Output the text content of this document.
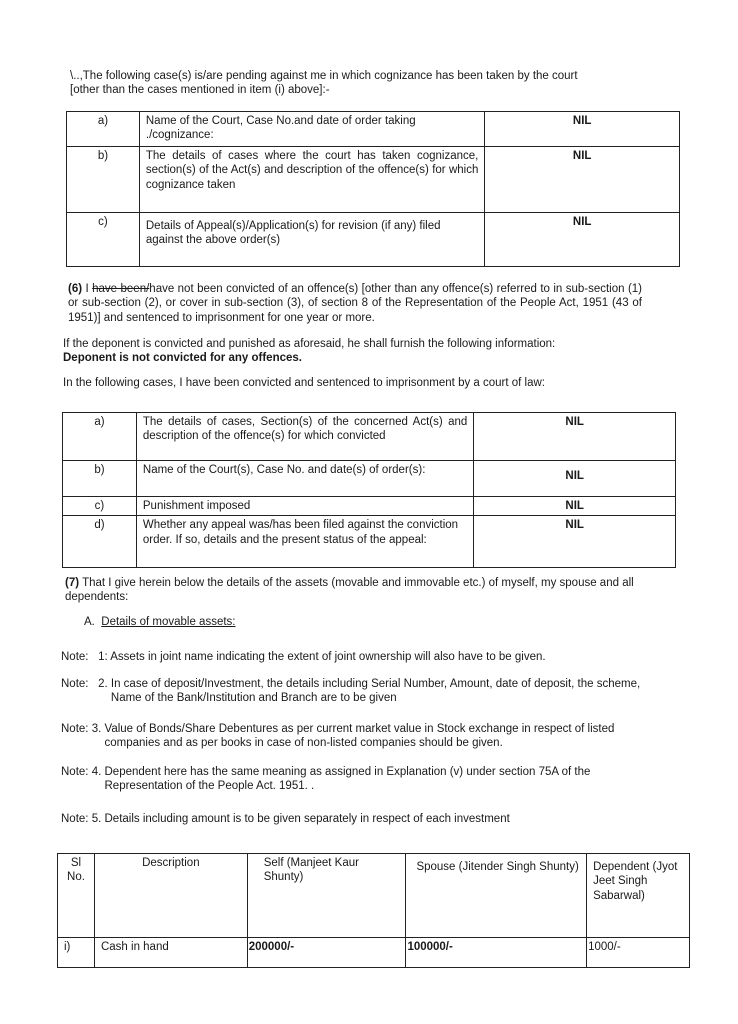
\..,The following case(s) is/are pending against me in which cognizance has been taken by the court
[other than the cases mentioned in item (i) above]:-
a)	Name of the Court, Case No.and date of order taking ./cognizance:	NIL
b)	The details of cases where the court has taken cognizance, section(s) of the Act(s) and description of the offence(s) for which cognizance taken	NIL
c)	Details of Appeal(s)/Application(s) for revision (if any) filed against the above order(s)	NIL
(6) I have been/have not been convicted of an offence(s) [other than any offence(s) referred to in sub-section (1) or sub-section (2), or cover in sub-section (3), of section 8 of the Representation of the People Act, 1951 (43 of 1951)] and sentenced to imprisonment for one year or more.
If the deponent is convicted and punished as aforesaid, he shall furnish the following information:
Deponent is not convicted for any offences.
In the following cases, I have been convicted and sentenced to imprisonment by a court of law:
a)	The details of cases, Section(s) of the concerned Act(s) and description of the offence(s) for which convicted	NIL
b)	Name of the Court(s), Case No. and date(s) of order(s):	NIL
c)	Punishment imposed	NIL
d)	Whether any appeal was/has been filed against the conviction order. If so, details and the present status of the appeal:	NIL
(7) That I give herein below the details of the assets (movable and immovable etc.) of myself, my spouse and all dependents:
A. Details of movable assets:
Note: 1: Assets in joint name indicating the extent of joint ownership will also have to be given.
Note: 2.	In case of deposit/Investment, the details including Serial Number, Amount, date of deposit, the scheme, Name of the Bank/Institution and Branch are to be given
Note: 3.	Value of Bonds/Share Debentures as per current market value in Stock exchange in respect of listed companies and as per books in case of non-listed companies should be given.
Note: 4.	Dependent here has the same meaning as assigned in Explanation (v) under section 75A of the Representation of the People Act. 1951. .
Note: 5. Details including amount is to be given separately in respect of each investment
Sl No.	Description	Self (Manjeet Kaur Shunty)	Spouse (Jitender Singh Shunty)	Dependent (Jyot Jeet Singh Sabarwal)
i)	Cash in hand	200000/-	100000/-	1000/-
